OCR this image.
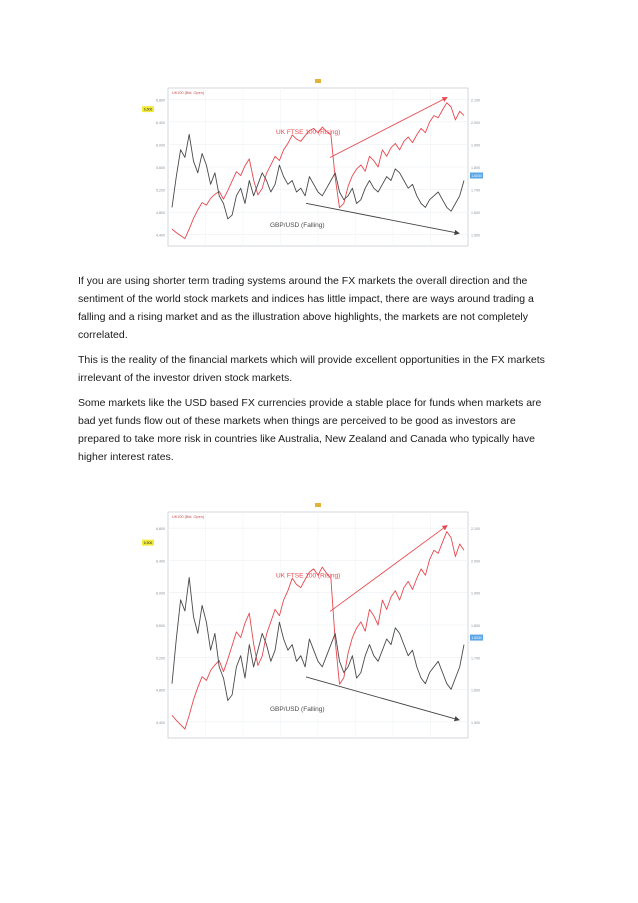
6,800	2.100
6,400	2.000
6,000	1.900
5,600	1.800
5,200	1.700
4,800	1.600
4,400	1.500
UK100 (Bid, Open)
6,506
1.6030
UK FTSE 100 (Rising)
GBP/USD (Falling)

If you are using shorter term trading systems around the FX markets the overall direction and the sentiment of the world stock markets and indices has little impact, there are ways around trading a falling and a rising market and as the illustration above highlights, the markets are not completely correlated.

This is the reality of the financial markets which will provide excellent opportunities in the FX markets irrelevant of the investor driven stock markets.

Some markets like the USD based FX currencies provide a stable place for funds when markets are bad yet funds flow out of these markets when things are perceived to be good as investors are prepared to take more risk in countries like Australia, New Zealand and Canada who typically have higher interest rates.

6,800	2.100
6,400	2.000
6,000	1.900
5,600	1.800
5,200	1.700
4,800	1.600
4,400	1.500
UK100 (Bid, Open)
6,506
1.6030
UK FTSE 100 (Rising)
GBP/USD (Falling)
